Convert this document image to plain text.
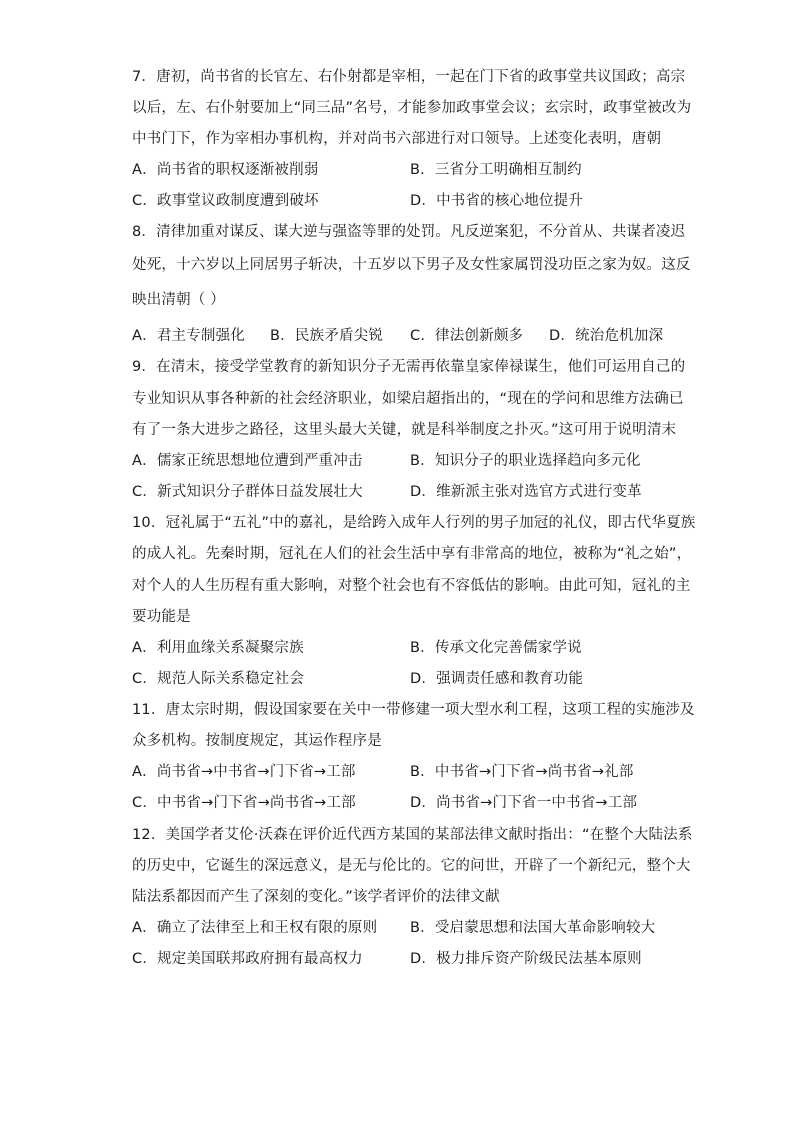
7．唐初，尚书省的长官左、右仆射都是宰相，一起在门下省的政事堂共议国政；高宗
以后，左、右仆射要加上“同三品”名号，才能参加政事堂会议；玄宗时，政事堂被改为
中书门下，作为宰相办事机构，并对尚书六部进行对口领导。上述变化表明，唐朝
A．尚书省的职权逐渐被削弱	B．三省分工明确相互制约
C．政事堂议政制度遭到破坏	D．中书省的核心地位提升
8．清律加重对谋反、谋大逆与强盗等罪的处罚。凡反逆案犯，不分首从、共谋者凌迟
处死，十六岁以上同居男子斩决，十五岁以下男子及女性家属罚没功臣之家为奴。这反
映出清朝（ ）
A．君主专制强化 B．民族矛盾尖锐 C．律法创新颇多 D．统治危机加深
9．在清末，接受学堂教育的新知识分子无需再依靠皇家俸禄谋生，他们可运用自己的
专业知识从事各种新的社会经济职业，如梁启超指出的，“现在的学问和思维方法确已
有了一条大进步之路径，这里头最大关键，就是科举制度之扑灭。”这可用于说明清末
A．儒家正统思想地位遭到严重冲击	B．知识分子的职业选择趋向多元化
C．新式知识分子群体日益发展壮大	D．维新派主张对选官方式进行变革
10．冠礼属于“五礼”中的嘉礼，是给跨入成年人行列的男子加冠的礼仪，即古代华夏族
的成人礼。先秦时期，冠礼在人们的社会生活中享有非常高的地位，被称为“礼之始”，
对个人的人生历程有重大影响，对整个社会也有不容低估的影响。由此可知，冠礼的主
要功能是
A．利用血缘关系凝聚宗族	B．传承文化完善儒家学说
C．规范人际关系稳定社会	D．强调责任感和教育功能
11．唐太宗时期，假设国家要在关中一带修建一项大型水利工程，这项工程的实施涉及
众多机构。按制度规定，其运作程序是
A．尚书省→中书省→门下省→工部	B．中书省→门下省→尚书省→礼部
C．中书省→门下省→尚书省→工部	D．尚书省→门下省一中书省→工部
12．美国学者艾伦·沃森在评价近代西方某国的某部法律文献时指出：“在整个大陆法系
的历史中，它诞生的深远意义，是无与伦比的。它的问世，开辟了一个新纪元，整个大
陆法系都因而产生了深刻的变化。”该学者评价的法律文献
A．确立了法律至上和王权有限的原则 B．受启蒙思想和法国大革命影响较大
C．规定美国联邦政府拥有最高权力	D．极力排斥资产阶级民法基本原则
